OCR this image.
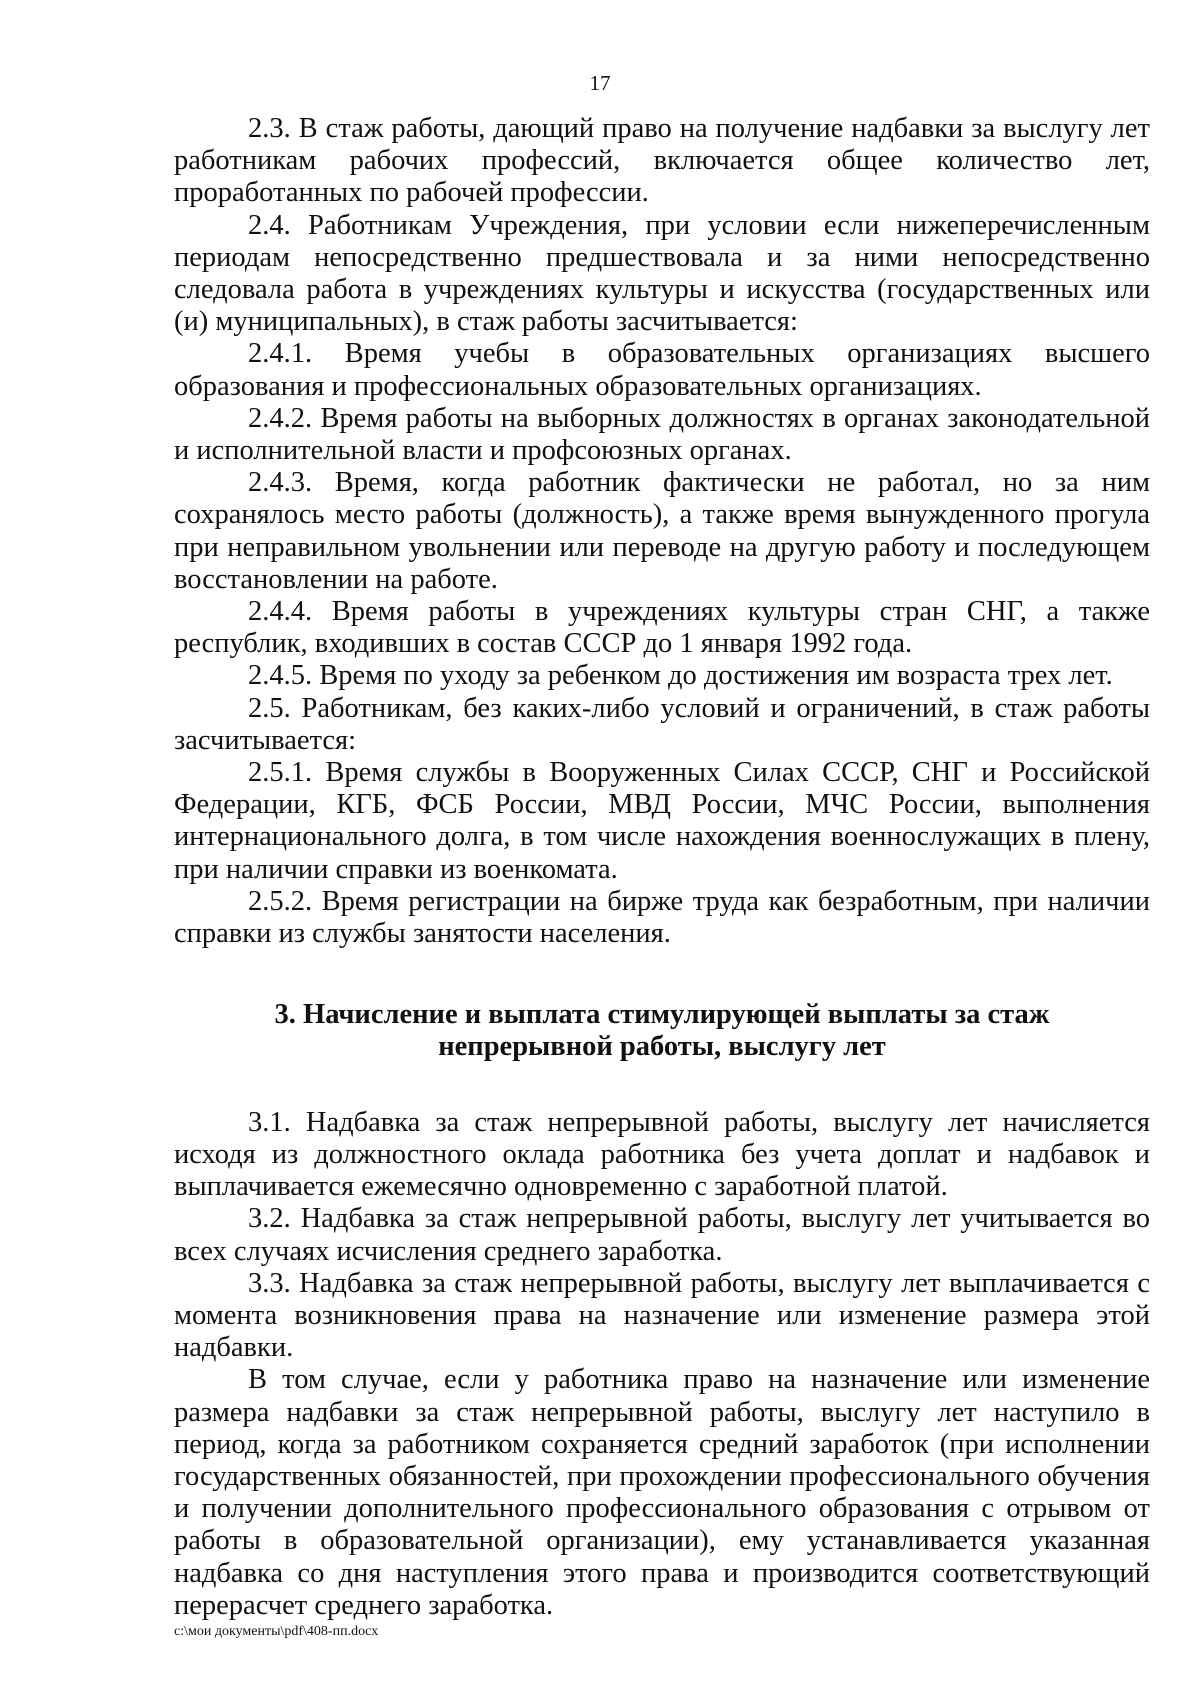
17

2.3. В стаж работы, дающий право на получение надбавки за выслугу лет работникам рабочих профессий, включается общее количество лет, проработанных по рабочей профессии.

2.4. Работникам Учреждения, при условии если нижеперечисленным периодам непосредственно предшествовала и за ними непосредственно следовала работа в учреждениях культуры и искусства (государственных или (и) муниципальных), в стаж работы засчитывается:

2.4.1. Время учебы в образовательных организациях высшего образования и профессиональных образовательных организациях.

2.4.2. Время работы на выборных должностях в органах законодательной и исполнительной власти и профсоюзных органах.

2.4.3. Время, когда работник фактически не работал, но за ним сохранялось место работы (должность), а также время вынужденного прогула при неправильном увольнении или переводе на другую работу и последующем восстановлении на работе.

2.4.4. Время работы в учреждениях культуры стран СНГ, а также республик, входивших в состав СССР до 1 января 1992 года.

2.4.5. Время по уходу за ребенком до достижения им возраста трех лет.

2.5. Работникам, без каких-либо условий и ограничений, в стаж работы засчитывается:

2.5.1. Время службы в Вооруженных Силах СССР, СНГ и Российской Федерации, КГБ, ФСБ России, МВД России, МЧС России, выполнения интернационального долга, в том числе нахождения военнослужащих в плену, при наличии справки из военкомата.

2.5.2. Время регистрации на бирже труда как безработным, при наличии справки из службы занятости населения.

3. Начисление и выплата стимулирующей выплаты за стаж
непрерывной работы, выслугу лет

3.1. Надбавка за стаж непрерывной работы, выслугу лет начисляется исходя из должностного оклада работника без учета доплат и надбавок и выплачивается ежемесячно одновременно с заработной платой.

3.2. Надбавка за стаж непрерывной работы, выслугу лет учитывается во всех случаях исчисления среднего заработка.

3.3. Надбавка за стаж непрерывной работы, выслугу лет выплачивается с момента возникновения права на назначение или изменение размера этой надбавки.

В том случае, если у работника право на назначение или изменение размера надбавки за стаж непрерывной работы, выслугу лет наступило в период, когда за работником сохраняется средний заработок (при исполнении государственных обязанностей, при прохождении профессионального обучения и получении дополнительного профессионального образования с отрывом от работы в образовательной организации), ему устанавливается указанная надбавка со дня наступления этого права и производится соответствующий перерасчет среднего заработка.

c:\мои документы\pdf\408-пп.docx
